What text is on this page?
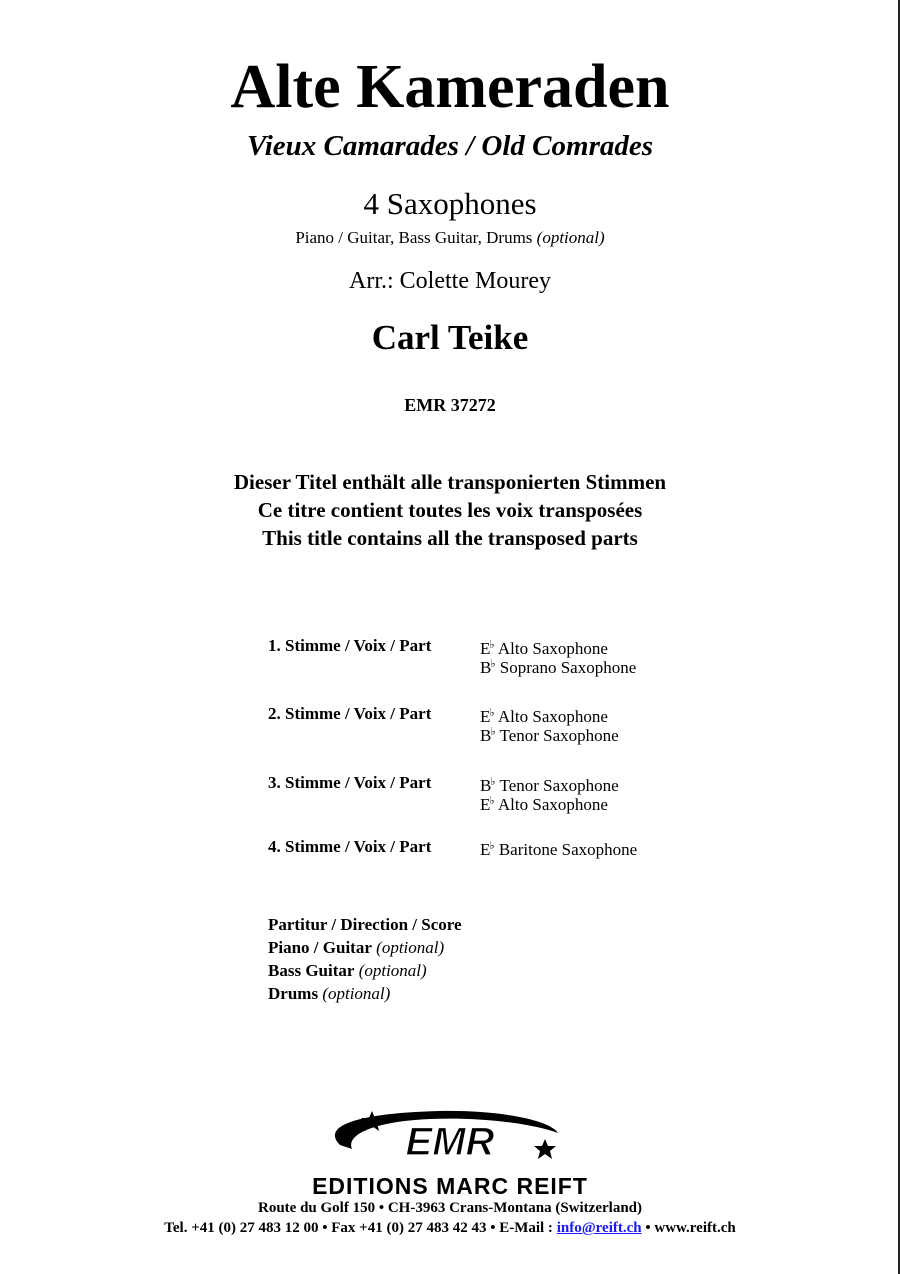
Alte Kameraden
Vieux Camarades / Old Comrades
4 Saxophones
Piano / Guitar, Bass Guitar, Drums (optional)
Arr.: Colette Mourey
Carl Teike
EMR 37272
Dieser Titel enthält alle transponierten Stimmen
Ce titre contient toutes les voix transposées
This title contains all the transposed parts
1. Stimme / Voix / Part	E♭ Alto Saxophone
B♭ Soprano Saxophone
2. Stimme / Voix / Part	E♭ Alto Saxophone
B♭ Tenor Saxophone
3. Stimme / Voix / Part	B♭ Tenor Saxophone
E♭ Alto Saxophone
4. Stimme / Voix / Part	E♭ Baritone Saxophone
Partitur / Direction / Score
Piano / Guitar (optional)
Bass Guitar (optional)
Drums (optional)
EMR
EDITIONS MARC REIFT
Route du Golf 150 • CH-3963 Crans-Montana (Switzerland)
Tel. +41 (0) 27 483 12 00 • Fax +41 (0) 27 483 42 43 • E-Mail : info@reift.ch • www.reift.ch
